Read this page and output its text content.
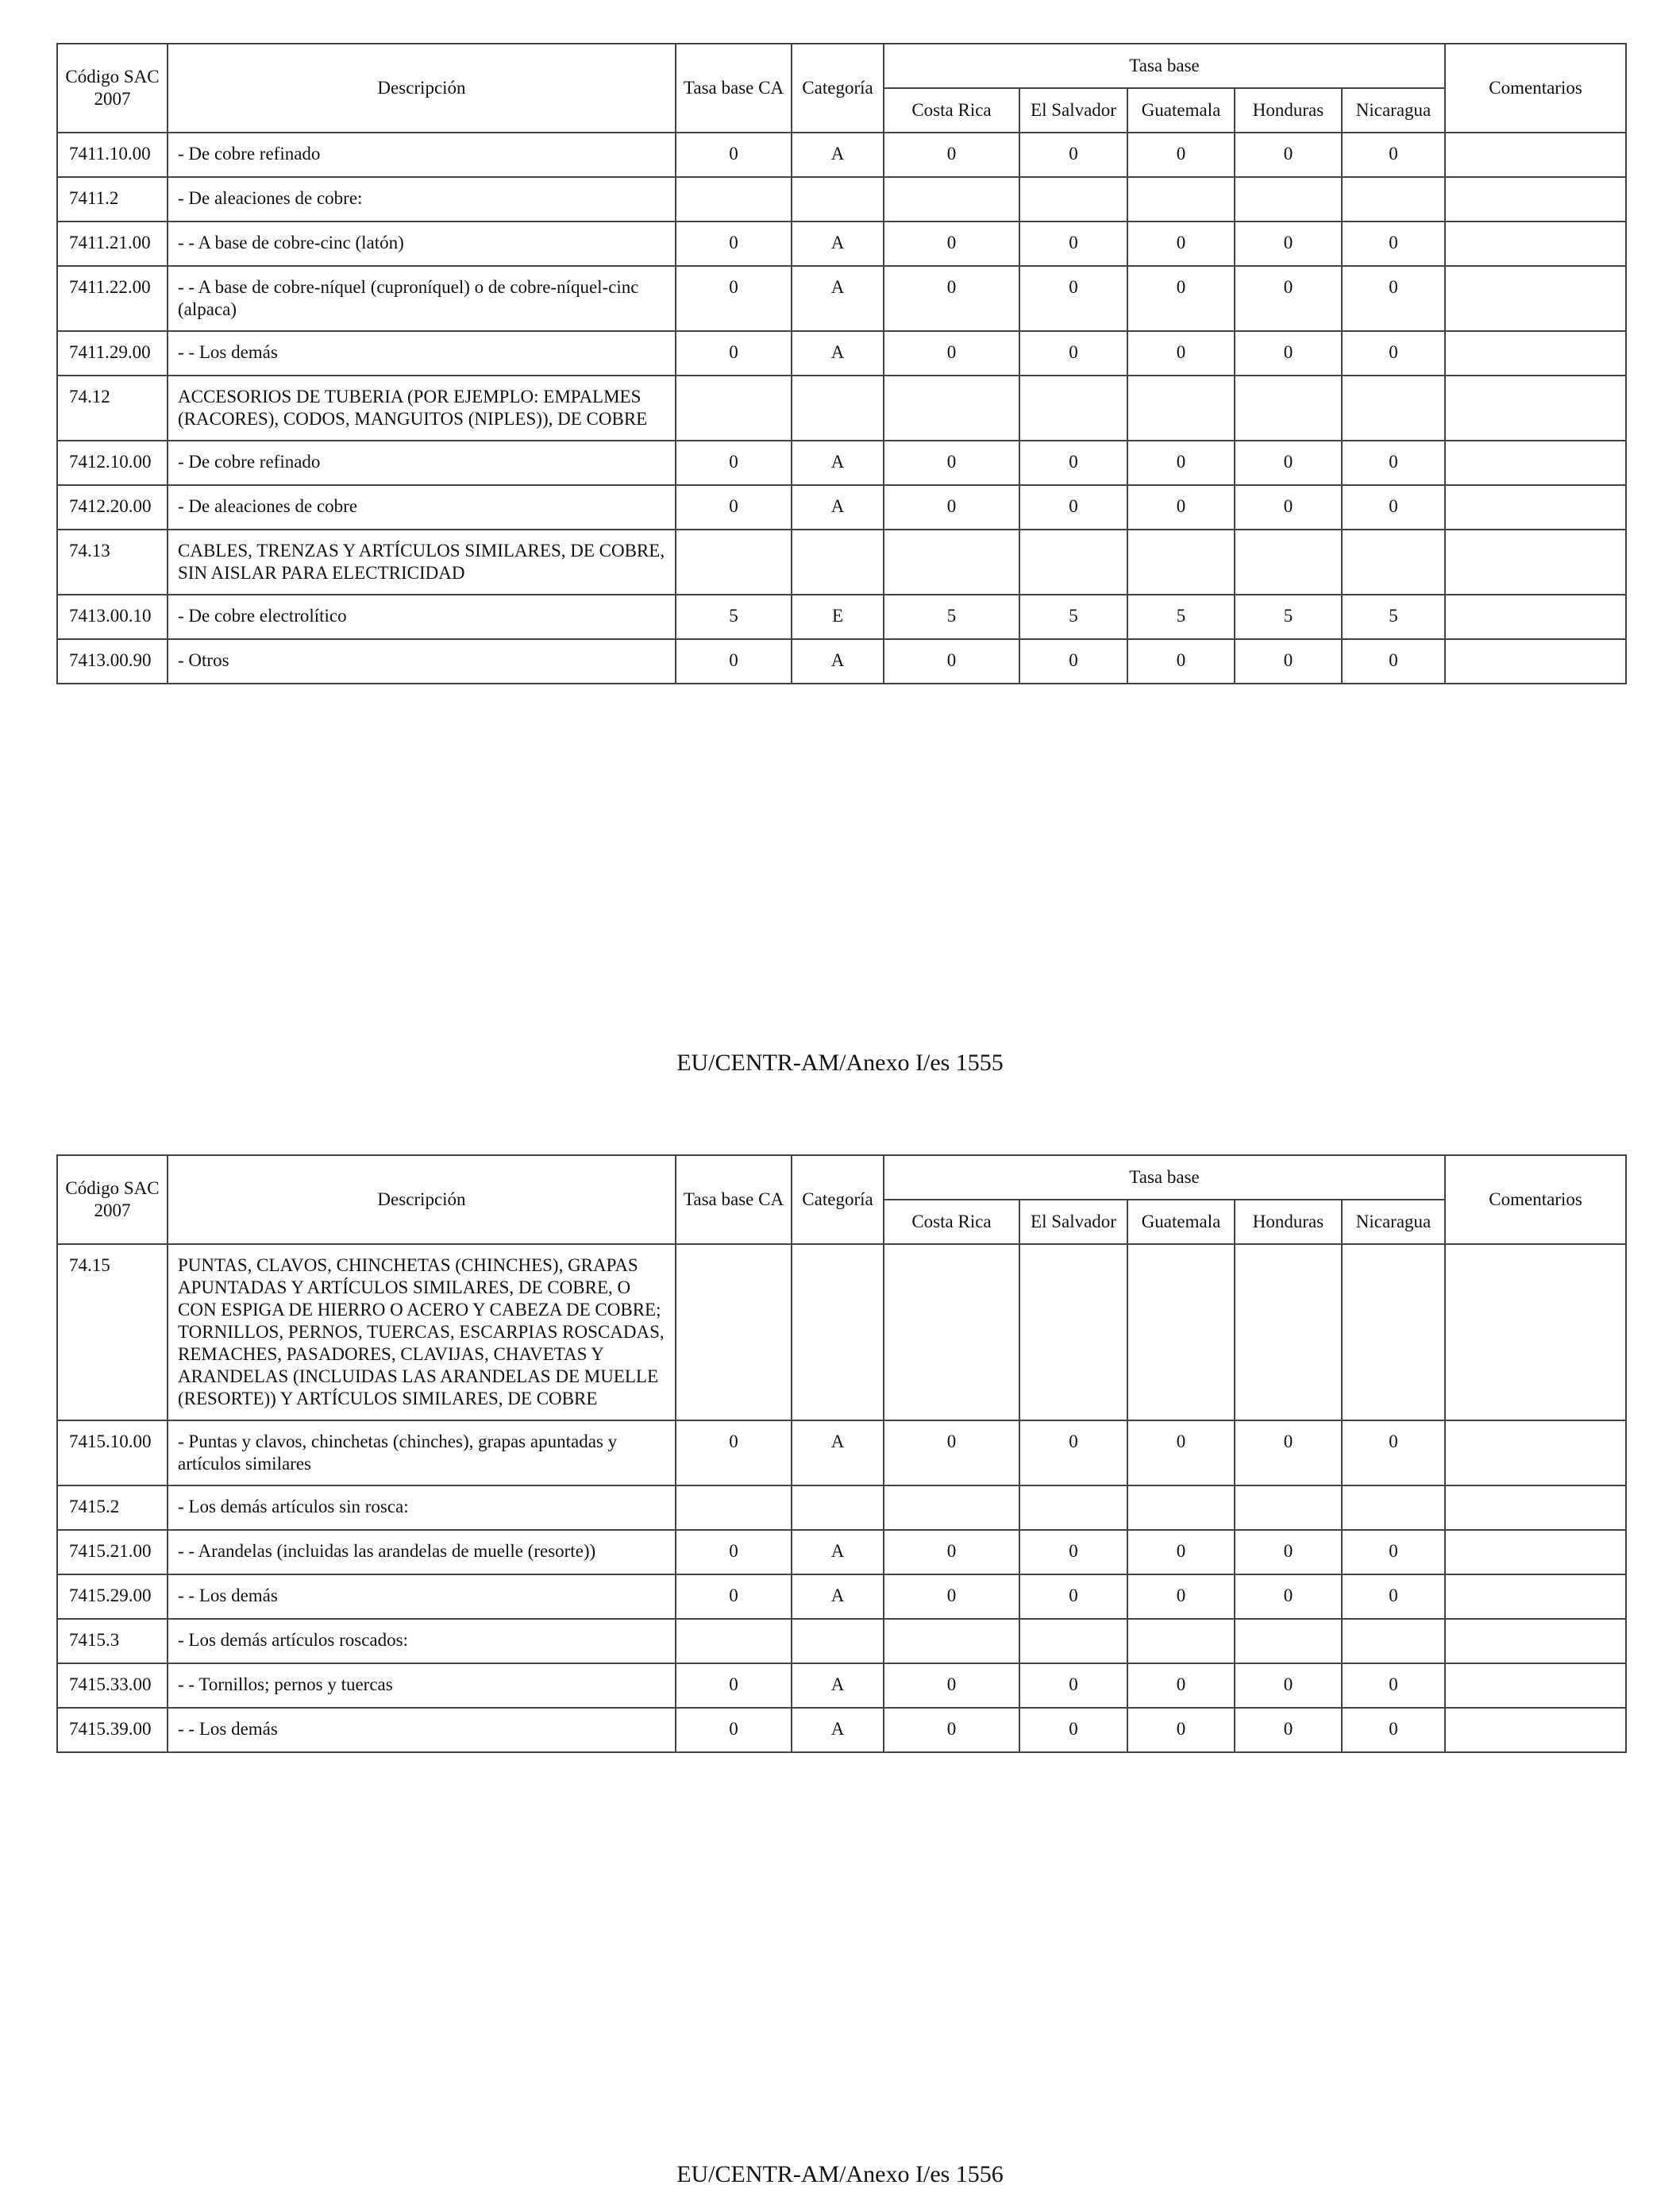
Código SAC 2007	Descripción	Tasa base CA	Categoría	Tasa base					Comentarios
				Costa Rica	El Salvador	Guatemala	Honduras	Nicaragua	
7411.10.00	- De cobre refinado	0	A	0	0	0	0	0	
7411.2	- De aleaciones de cobre:								
7411.21.00	- - A base de cobre-cinc (latón)	0	A	0	0	0	0	0	
7411.22.00	- - A base de cobre-níquel (cuproníquel) o de cobre-níquel-cinc (alpaca)	0	A	0	0	0	0	0	
7411.29.00	- - Los demás	0	A	0	0	0	0	0	
74.12	ACCESORIOS DE TUBERIA (POR EJEMPLO: EMPALMES (RACORES), CODOS, MANGUITOS (NIPLES)), DE COBRE								
7412.10.00	- De cobre refinado	0	A	0	0	0	0	0	
7412.20.00	- De aleaciones de cobre	0	A	0	0	0	0	0	
74.13	CABLES, TRENZAS Y ARTÍCULOS SIMILARES, DE COBRE, SIN AISLAR PARA ELECTRICIDAD								
7413.00.10	- De cobre electrolítico	5	E	5	5	5	5	5	
7413.00.90	- Otros	0	A	0	0	0	0	0	
EU/CENTR-AM/Anexo I/es 1555
Código SAC 2007	Descripción	Tasa base CA	Categoría	Tasa base					Comentarios
				Costa Rica	El Salvador	Guatemala	Honduras	Nicaragua	
74.15	PUNTAS, CLAVOS, CHINCHETAS (CHINCHES), GRAPAS APUNTADAS Y ARTÍCULOS SIMILARES, DE COBRE, O CON ESPIGA DE HIERRO O ACERO Y CABEZA DE COBRE; TORNILLOS, PERNOS, TUERCAS, ESCARPIAS ROSCADAS, REMACHES, PASADORES, CLAVIJAS, CHAVETAS Y ARANDELAS (INCLUIDAS LAS ARANDELAS DE MUELLE (RESORTE)) Y ARTÍCULOS SIMILARES, DE COBRE								
7415.10.00	- Puntas y clavos, chinchetas (chinches), grapas apuntadas y artículos similares	0	A	0	0	0	0	0	
7415.2	- Los demás artículos sin rosca:								
7415.21.00	- - Arandelas (incluidas las arandelas de muelle (resorte))	0	A	0	0	0	0	0	
7415.29.00	- - Los demás	0	A	0	0	0	0	0	
7415.3	- Los demás artículos roscados:								
7415.33.00	- - Tornillos; pernos y tuercas	0	A	0	0	0	0	0	
7415.39.00	- - Los demás	0	A	0	0	0	0	0	
EU/CENTR-AM/Anexo I/es 1556
